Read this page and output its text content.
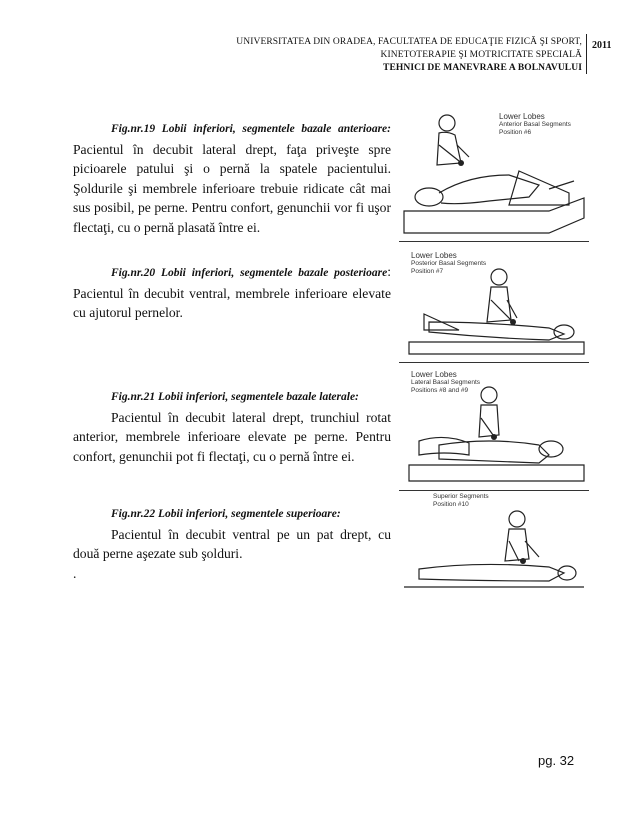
UNIVERSITATEA DIN ORADEA, FACULTATEA DE EDUCAŢIE FIZICĂ ŞI SPORT,
KINETOTERAPIE ŞI MOTRICITATE SPECIALĂ
TEHNICI DE MANEVRARE A BOLNAVULUI
2011
Fig.nr.19 Lobii inferiori, segmentele bazale anterioare: Pacientul în decubit lateral drept, faţa priveşte spre picioarele patului şi o pernă la spatele pacientului. Şoldurile şi membrele inferioare trebuie ridicate cât mai sus posibil, pe perne. Pentru confort, genunchii vor fi uşor flectaţi, cu o pernă plasată între ei.
Fig.nr.20 Lobii inferiori, segmentele bazale posterioare: Pacientul în decubit ventral, membrele inferioare elevate cu ajutorul pernelor.
Fig.nr.21 Lobii inferiori, segmentele bazale laterale:
Pacientul în decubit lateral drept, trunchiul rotat anterior, membrele inferioare elevate pe perne. Pentru confort, genunchii pot fi flectaţi, cu o pernă între ei.
Fig.nr.22 Lobii inferiori, segmentele superioare:
Pacientul în decubit ventral pe un pat drept, cu două perne aşezate sub şolduri.
.
Lower Lobes
Anterior Basal Segments
Position #6
Lower Lobes
Posterior Basal Segments
Position #7
Lower Lobes
Lateral Basal Segments
Positions #8 and #9
Superior Segments
Position #10
pg. 32
